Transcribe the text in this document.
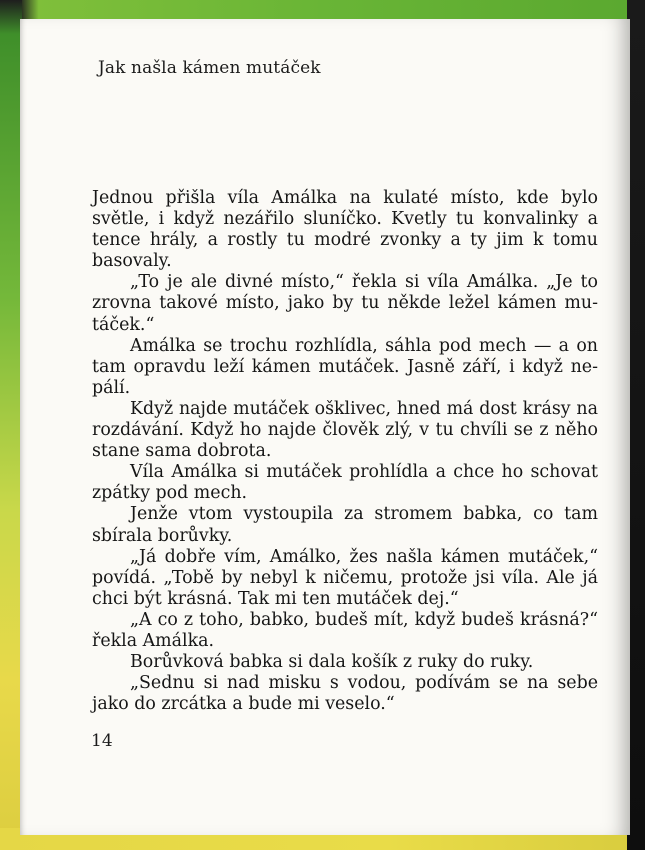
Jak našla kámen mutáček

Jednou přišla víla Amálka na kulaté místo, kde bylo světle, i když nezářilo sluníčko. Kvetly tu konvalinky a tence hrály, a rostly tu modré zvonky a ty jim k tomu basovaly.

„To je ale divné místo,“ řekla si víla Amálka. „Je to zrovna takové místo, jako by tu někde ležel kámen mutáček.“

Amálka se trochu rozhlídla, sáhla pod mech — a on tam opravdu leží kámen mutáček. Jasně září, i když nepálí.

Když najde mutáček ošklivec, hned má dost krásy na rozdávání. Když ho najde člověk zlý, v tu chvíli se z něho stane sama dobrota.

Víla Amálka si mutáček prohlídla a chce ho schovat zpátky pod mech.

Jenže vtom vystoupila za stromem babka, co tam sbírala borůvky.

„Já dobře vím, Amálko, žes našla kámen mutáček,“ povídá. „Tobě by nebyl k ničemu, protože jsi víla. Ale já chci být krásná. Tak mi ten mutáček dej.“

„A co z toho, babko, budeš mít, když budeš krásná?“ řekla Amálka.

Borůvková babka si dala košík z ruky do ruky.

„Sednu si nad misku s vodou, podívám se na sebe jako do zrcátka a bude mi veselo.“

14
